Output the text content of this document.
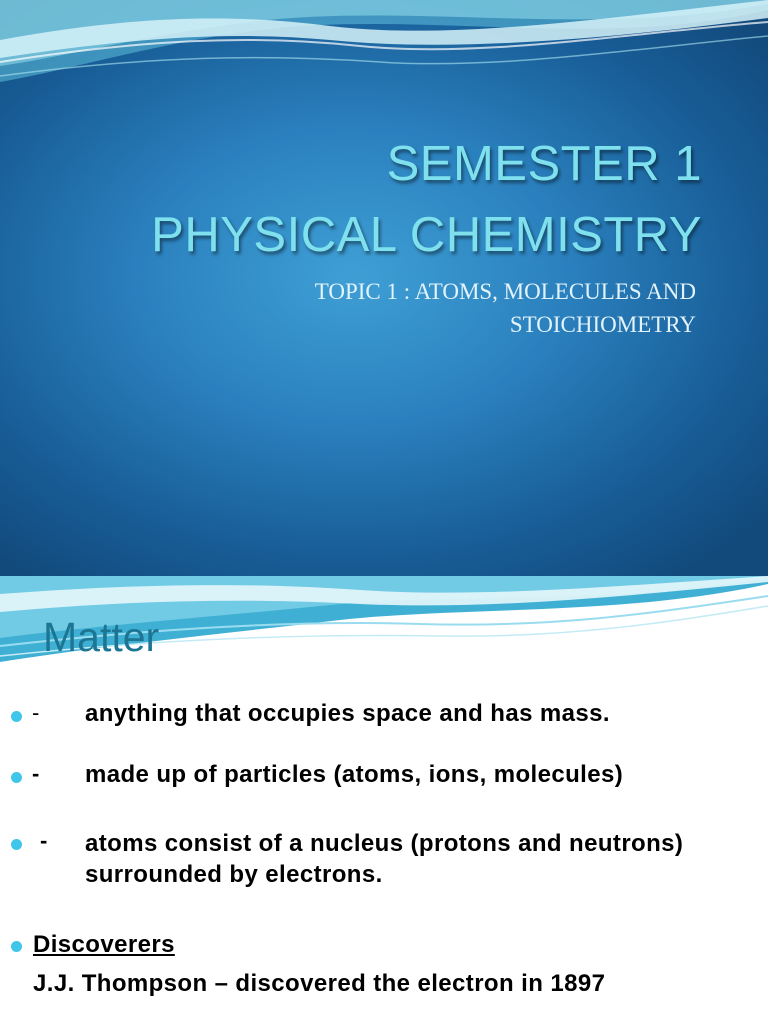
SEMESTER 1
PHYSICAL CHEMISTRY
TOPIC 1 : ATOMS, MOLECULES AND
STOICHIOMETRY
Matter
- anything that occupies space and has mass.
- made up of particles (atoms, ions, molecules)
- atoms consist of a nucleus (protons and neutrons) surrounded by electrons.
Discoverers
J.J. Thompson – discovered the electron in 1897
